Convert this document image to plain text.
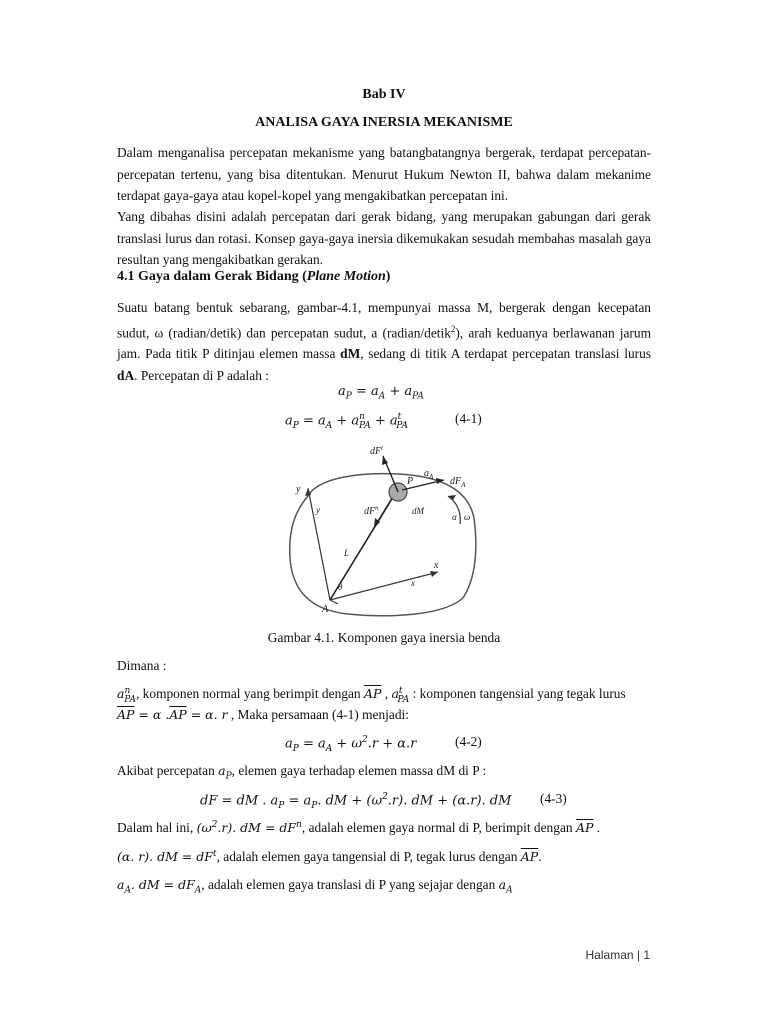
Bab IV
ANALISA GAYA INERSIA MEKANISME
Dalam menganalisa percepatan mekanisme yang batangbatangnya bergerak, terdapat percepatan-percepatan tertenu, yang bisa ditentukan. Menurut Hukum Newton II, bahwa dalam mekanime terdapat gaya-gaya atau kopel-kopel yang mengakibatkan percepatan ini.
Yang dibahas disini adalah percepatan dari gerak bidang, yang merupakan gabungan dari gerak translasi lurus dan rotasi. Konsep gaya-gaya inersia dikemukakan sesudah membahas masalah gaya resultan yang mengakibatkan gerakan.
4.1 Gaya dalam Gerak Bidang (Plane Motion)
Suatu batang bentuk sebarang, gambar-4.1, mempunyai massa M, bergerak dengan kecepatan sudut, ω (radian/detik) dan percepatan sudut, a (radian/detik$^2$), arah keduanya berlawanan jarum jam. Pada titik P ditinjau elemen massa dM, sedang di titik A terdapat percepatan translasi lurus dA. Percepatan di P adalah :
$a_P = a_A + a_{PA}$
$a_P = a_A + a^n_{PA} + a^t_{PA}$	(4-1)
$dF^t$
P
$a_A$ $dF_A$
y
y	$dF^n$	dM
α ω
L
θ
x
x
A
Gambar 4.1. Komponen gaya inersia benda
Dimana :
$a^n_{PA}$, komponen normal yang berimpit dengan $\overline{AP}$ , $a^t_{PA}$ : komponen tangensial yang tegak lurus
$\overline{AP} = \alpha$ $.\overline{AP} = \alpha$. r , Maka persamaan (4-1) menjadi:
$a_P = a_A + \omega^2.r + \alpha.r$	(4-2)
Akibat percepatan $a_P$, elemen gaya terhadap elemen massa dM di P :
dF = dM . $a_P = a_P$. dM + $(\omega^2.r)$. dM + (α.r). dM (4-3)
Dalam hal ini, $(\omega^2.r)$. dM = $dF^n$, adalah elemen gaya normal di P, berimpit dengan $\overline{AP}$ .
(α. r). dM = $dF^t$, adalah elemen gaya tangensial di P, tegak lurus dengan $\overline{AP}$.
$a_A$. dM = $dF_A$, adalah elemen gaya translasi di P yang sejajar dengan $a_A$
Halaman | 1
